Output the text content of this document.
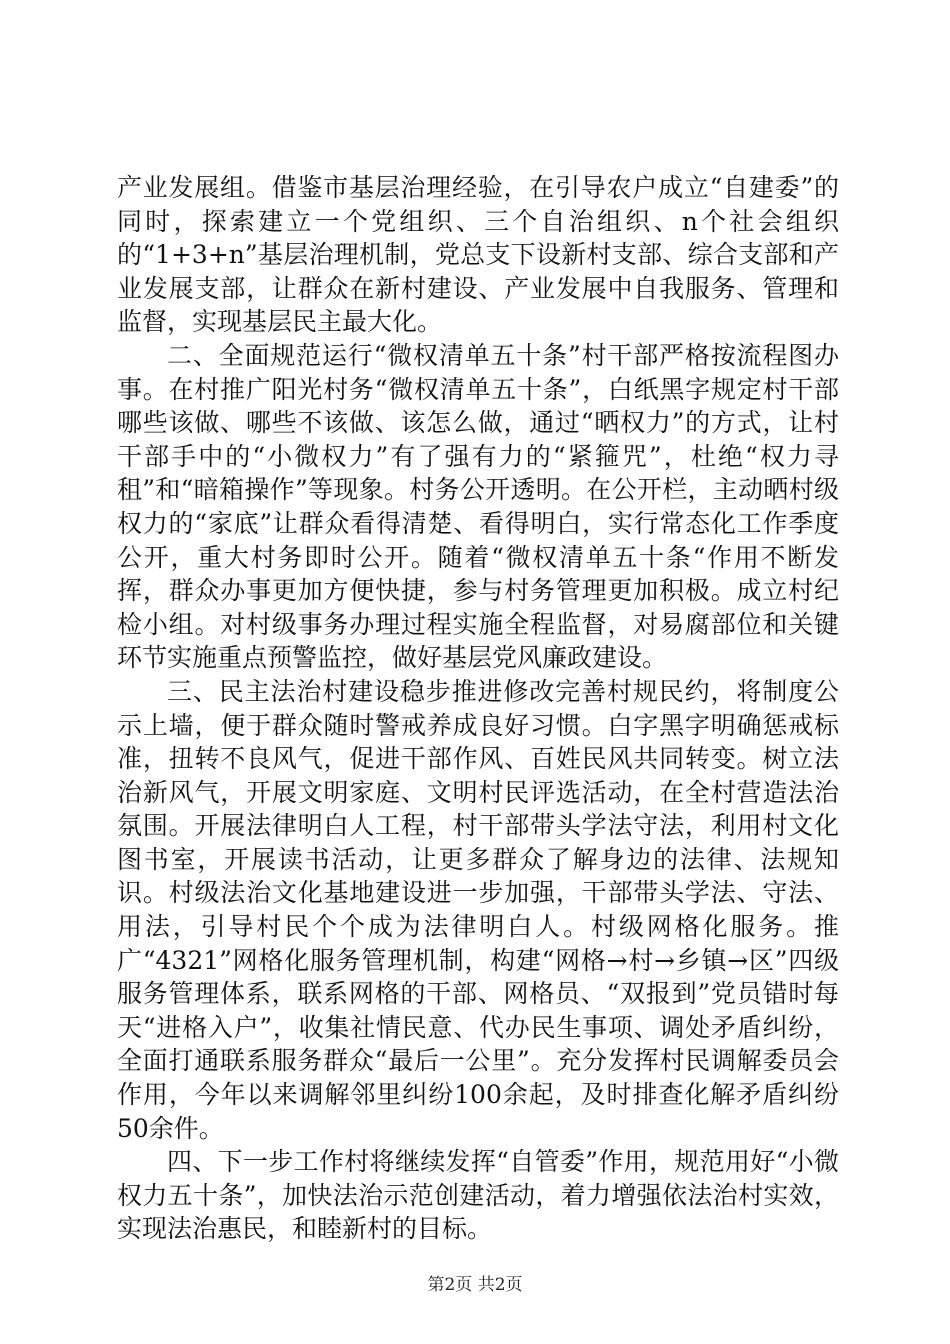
产业发展组。借鉴市基层治理经验，在引导农户成立“自建委”的同时，探索建立一个党组织、三个自治组织、n个社会组织的“1+3+n”基层治理机制，党总支下设新村支部、综合支部和产业发展支部，让群众在新村建设、产业发展中自我服务、管理和监督，实现基层民主最大化。

二、全面规范运行“微权清单五十条”村干部严格按流程图办事。在村推广阳光村务“微权清单五十条”，白纸黑字规定村干部哪些该做、哪些不该做、该怎么做，通过“晒权力”的方式，让村干部手中的“小微权力”有了强有力的“紧箍咒”，杜绝“权力寻租”和“暗箱操作”等现象。村务公开透明。在公开栏，主动晒村级权力的“家底”让群众看得清楚、看得明白，实行常态化工作季度公开，重大村务即时公开。随着“微权清单五十条“作用不断发挥，群众办事更加方便快捷，参与村务管理更加积极。成立村纪检小组。对村级事务办理过程实施全程监督，对易腐部位和关键环节实施重点预警监控，做好基层党风廉政建设。

三、民主法治村建设稳步推进修改完善村规民约，将制度公示上墙，便于群众随时警戒养成良好习惯。白字黑字明确惩戒标准，扭转不良风气，促进干部作风、百姓民风共同转变。树立法治新风气，开展文明家庭、文明村民评选活动，在全村营造法治氛围。开展法律明白人工程，村干部带头学法守法，利用村文化图书室，开展读书活动，让更多群众了解身边的法律、法规知识。村级法治文化基地建设进一步加强，干部带头学法、守法、用法，引导村民个个成为法律明白人。村级网格化服务。推广“4321”网格化服务管理机制，构建“网格→村→乡镇→区”四级服务管理体系，联系网格的干部、网格员、“双报到”党员错时每天“进格入户”，收集社情民意、代办民生事项、调处矛盾纠纷，全面打通联系服务群众“最后一公里”。充分发挥村民调解委员会作用，今年以来调解邻里纠纷100余起，及时排查化解矛盾纠纷50余件。

四、下一步工作村将继续发挥“自管委”作用，规范用好“小微权力五十条”，加快法治示范创建活动，着力增强依法治村实效，实现法治惠民，和睦新村的目标。

第2页 共2页
